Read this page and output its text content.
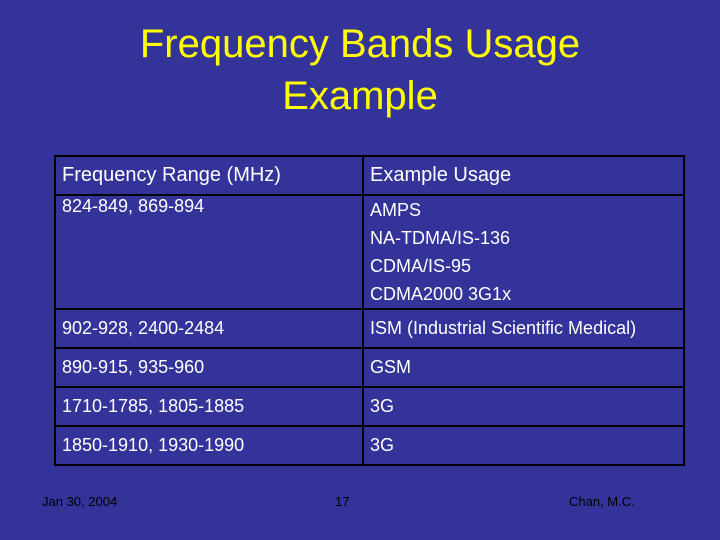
Frequency Bands Usage
Example
Frequency Range (MHz)	Example Usage
824-849, 869-894	AMPS
NA-TDMA/IS-136
CDMA/IS-95
CDMA2000 3G1x

902-928, 2400-2484	ISM (Industrial Scientific Medical)
890-915, 935-960	GSM
1710-1785, 1805-1885	3G
1850-1910, 1930-1990	3G
Jan 30, 2004	17	Chan, M.C.
